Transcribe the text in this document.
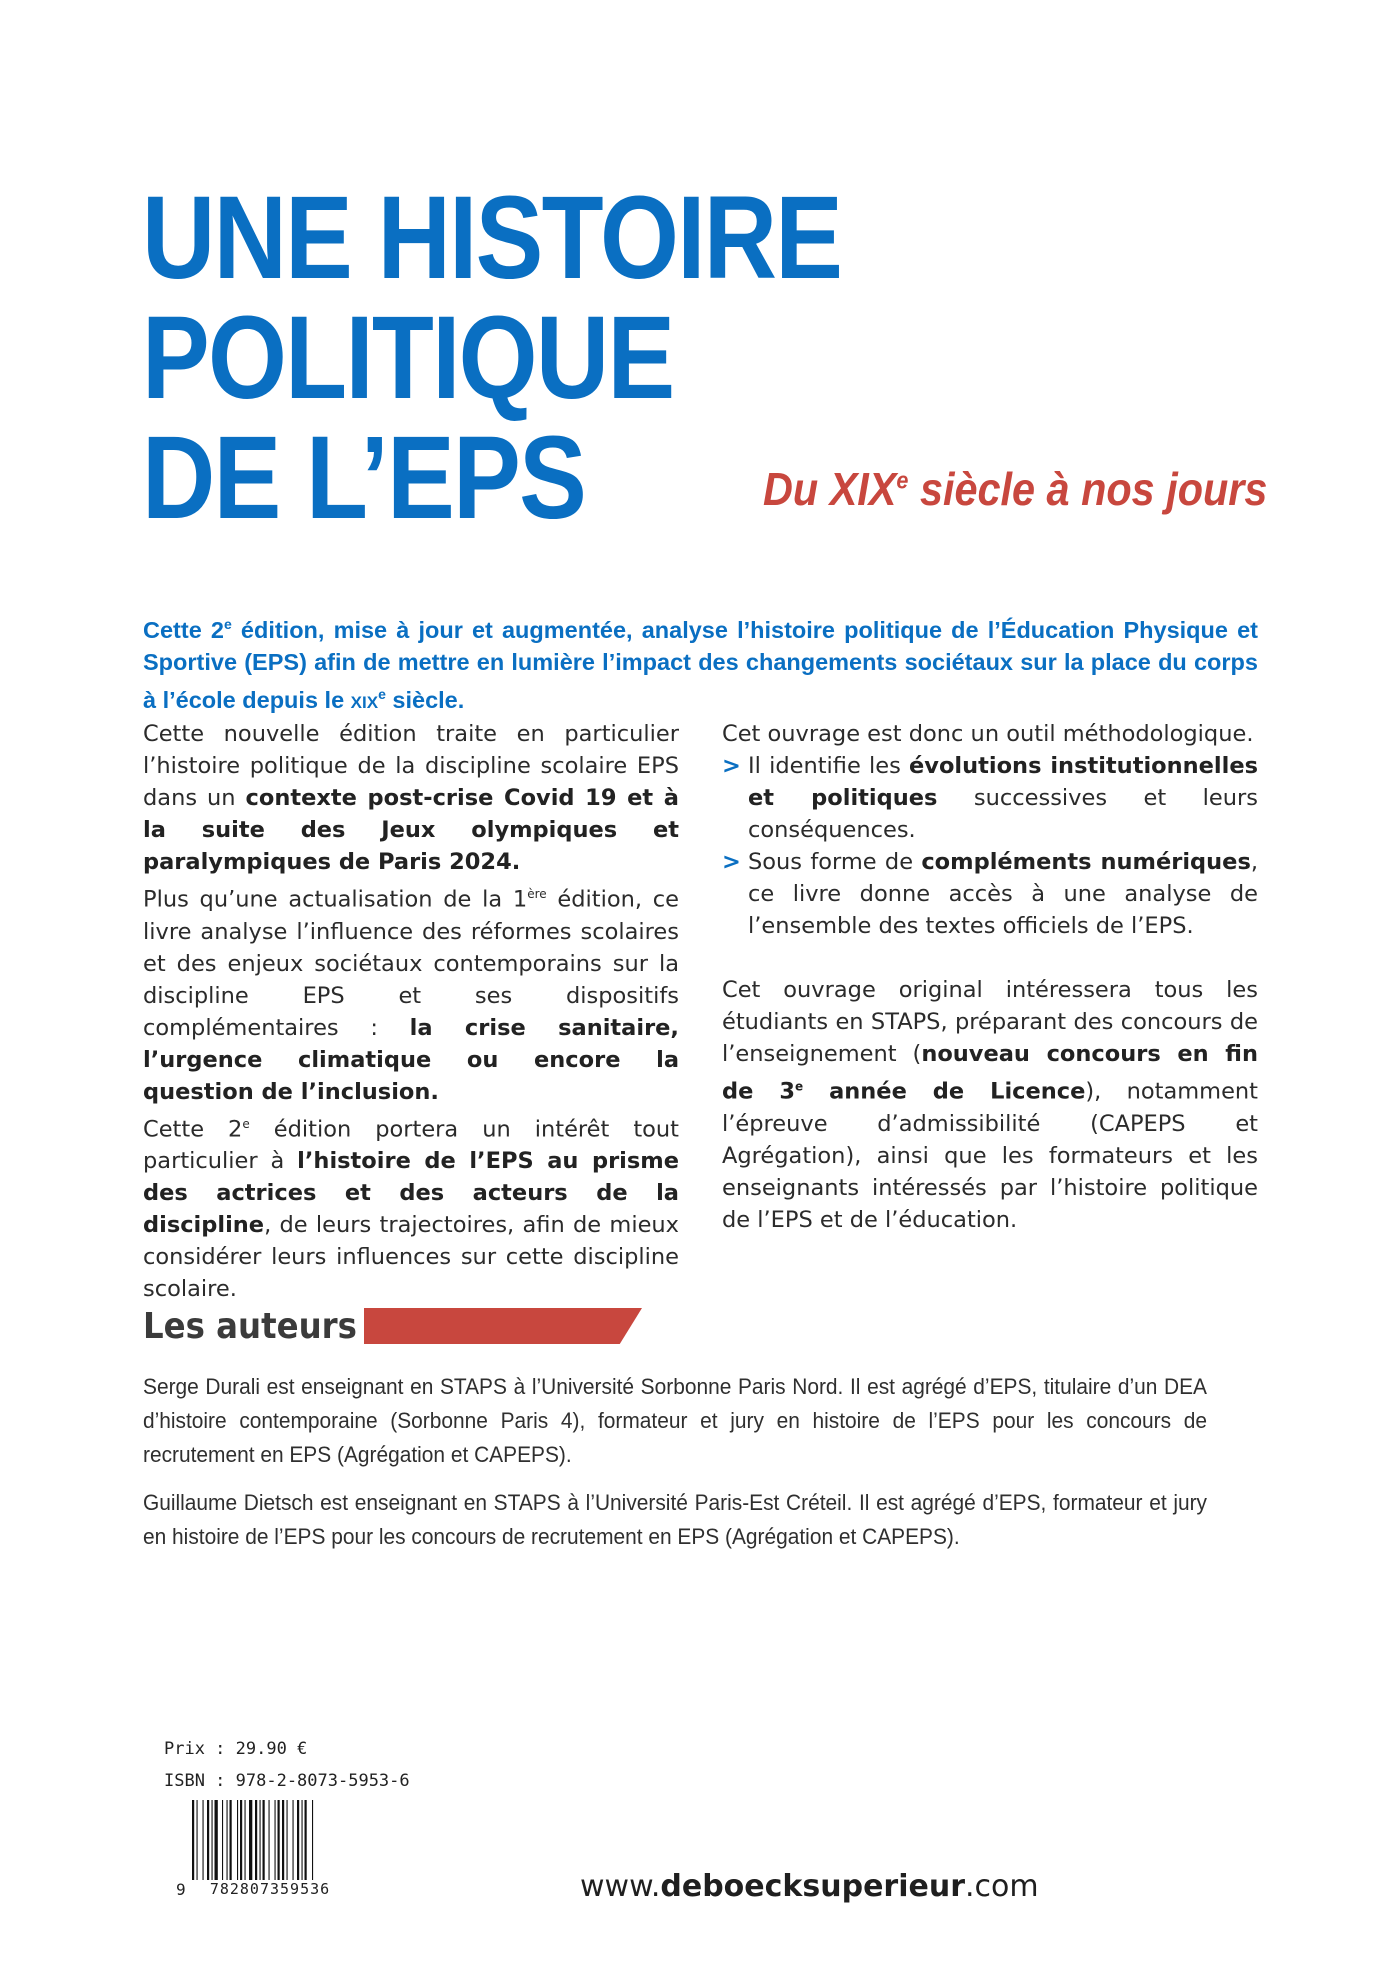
UNE HISTOIRE
POLITIQUE
DE L’EPS	Du XIXe siècle à nos jours

Cette 2e édition, mise à jour et augmentée, analyse l’histoire politique de l’Éducation Physique et Sportive (EPS) afin de mettre en lumière l’impact des changements sociétaux sur la place du corps à l’école depuis le XIXe siècle.

Cette nouvelle édition traite en particulier l’histoire politique de la discipline scolaire EPS dans un contexte post-crise Covid 19 et à la suite des Jeux olympiques et paralympiques de Paris 2024.

Plus qu’une actualisation de la 1ère édition, ce livre analyse l’influence des réformes scolaires et des enjeux sociétaux contemporains sur la discipline EPS et ses dispositifs complémentaires : la crise sanitaire, l’urgence climatique ou encore la question de l’inclusion.

Cette 2e édition portera un intérêt tout particulier à l’histoire de l’EPS au prisme des actrices et des acteurs de la discipline, de leurs trajectoires, afin de mieux considérer leurs influences sur cette discipline scolaire.

Cet ouvrage est donc un outil méthodologique.

> Il identifie les évolutions institutionnelles et politiques successives et leurs conséquences.
> Sous forme de compléments numériques, ce livre donne accès à une analyse de l’ensemble des textes officiels de l’EPS.

Cet ouvrage original intéressera tous les étudiants en STAPS, préparant des concours de l’enseignement (nouveau concours en fin de 3e année de Licence), notamment l’épreuve d’admissibilité (CAPEPS et Agrégation), ainsi que les formateurs et les enseignants intéressés par l’histoire politique de l’EPS et de l’éducation.

Les auteurs

Serge Durali est enseignant en STAPS à l’Université Sorbonne Paris Nord. Il est agrégé d’EPS, titulaire d’un DEA d’histoire contemporaine (Sorbonne Paris 4), formateur et jury en histoire de l’EPS pour les concours de recrutement en EPS (Agrégation et CAPEPS).

Guillaume Dietsch est enseignant en STAPS à l’Université Paris-Est Créteil. Il est agrégé d’EPS, formateur et jury en histoire de l’EPS pour les concours de recrutement en EPS (Agrégation et CAPEPS).

Prix : 29.90 €
ISBN : 978-2-8073-5953-6
9	782807359536	www.deboecksuperieur.com
